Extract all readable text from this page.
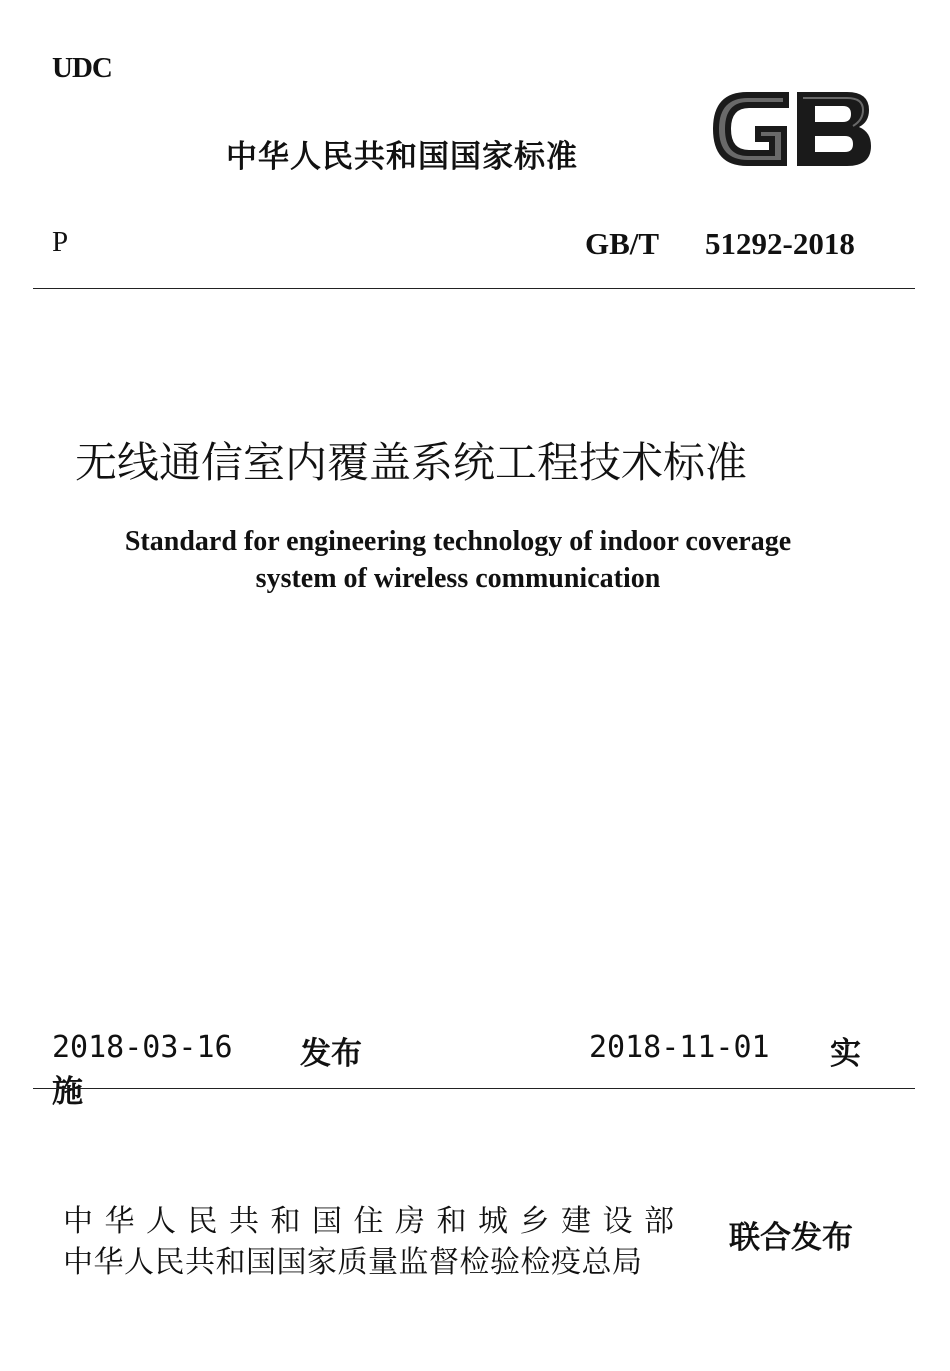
UDC
中华人民共和国国家标准
P	GB/T 51292-2018
无线通信室内覆盖系统工程技术标准
Standard for engineering technology of indoor coverage
system of wireless communication
2018-03-16 发布	2018-11-01 实
施
中华人民共和国住房和城乡建设部
中华人民共和国国家质量监督检验检疫总局
联合发布
